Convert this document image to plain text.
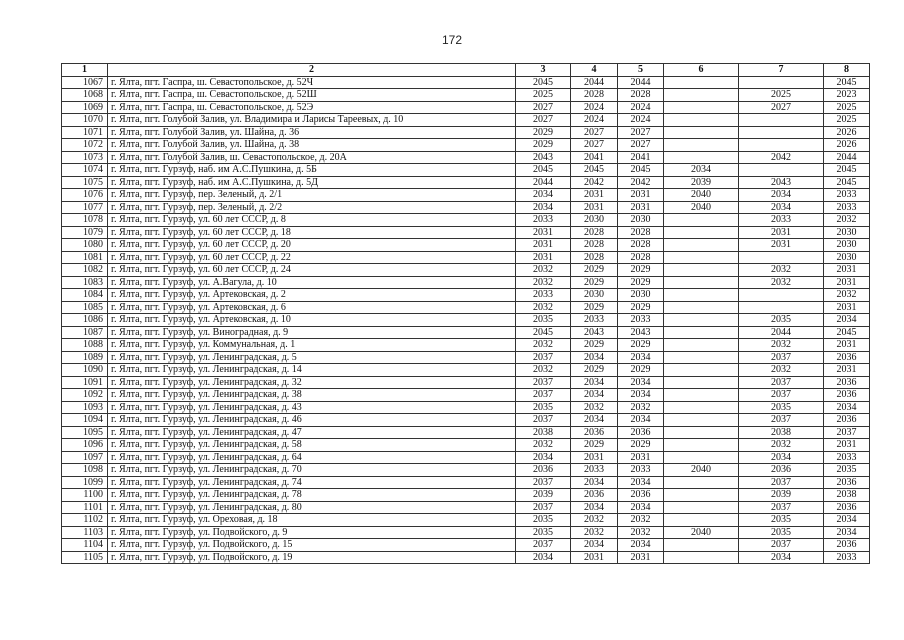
172
1	2	3	4	5	6	7	8
1067	г. Ялта, пгт. Гаспра, ш. Севастопольское, д. 52Ч	2045	2044	2044			2045
1068	г. Ялта, пгт. Гаспра, ш. Севастопольское, д. 52Ш	2025	2028	2028		2025	2023
1069	г. Ялта, пгт. Гаспра, ш. Севастопольское, д. 52Э	2027	2024	2024		2027	2025
1070	г. Ялта, пгт. Голубой Залив, ул. Владимира и Ларисы Тареевых, д. 10	2027	2024	2024			2025
1071	г. Ялта, пгт. Голубой Залив, ул. Шайна, д. 36	2029	2027	2027			2026
1072	г. Ялта, пгт. Голубой Залив, ул. Шайна, д. 38	2029	2027	2027			2026
1073	г. Ялта, пгт. Голубой Залив, ш. Севастопольское, д. 20А	2043	2041	2041		2042	2044
1074	г. Ялта, пгт. Гурзуф, наб. им А.С.Пушкина, д. 5Б	2045	2045	2045	2034		2045
1075	г. Ялта, пгт. Гурзуф, наб. им А.С.Пушкина, д. 5Д	2044	2042	2042	2039	2043	2045
1076	г. Ялта, пгт. Гурзуф, пер. Зеленый, д. 2/1	2034	2031	2031	2040	2034	2033
1077	г. Ялта, пгт. Гурзуф, пер. Зеленый, д. 2/2	2034	2031	2031	2040	2034	2033
1078	г. Ялта, пгт. Гурзуф, ул. 60 лет СССР, д. 8	2033	2030	2030		2033	2032
1079	г. Ялта, пгт. Гурзуф, ул. 60 лет СССР, д. 18	2031	2028	2028		2031	2030
1080	г. Ялта, пгт. Гурзуф, ул. 60 лет СССР, д. 20	2031	2028	2028		2031	2030
1081	г. Ялта, пгт. Гурзуф, ул. 60 лет СССР, д. 22	2031	2028	2028			2030
1082	г. Ялта, пгт. Гурзуф, ул. 60 лет СССР, д. 24	2032	2029	2029		2032	2031
1083	г. Ялта, пгт. Гурзуф, ул. А.Вагула, д. 10	2032	2029	2029		2032	2031
1084	г. Ялта, пгт. Гурзуф, ул. Артековская, д. 2	2033	2030	2030			2032
1085	г. Ялта, пгт. Гурзуф, ул. Артековская, д. 6	2032	2029	2029			2031
1086	г. Ялта, пгт. Гурзуф, ул. Артековская, д. 10	2035	2033	2033		2035	2034
1087	г. Ялта, пгт. Гурзуф, ул. Виноградная, д. 9	2045	2043	2043		2044	2045
1088	г. Ялта, пгт. Гурзуф, ул. Коммунальная, д. 1	2032	2029	2029		2032	2031
1089	г. Ялта, пгт. Гурзуф, ул. Ленинградская, д. 5	2037	2034	2034		2037	2036
1090	г. Ялта, пгт. Гурзуф, ул. Ленинградская, д. 14	2032	2029	2029		2032	2031
1091	г. Ялта, пгт. Гурзуф, ул. Ленинградская, д. 32	2037	2034	2034		2037	2036
1092	г. Ялта, пгт. Гурзуф, ул. Ленинградская, д. 38	2037	2034	2034		2037	2036
1093	г. Ялта, пгт. Гурзуф, ул. Ленинградская, д. 43	2035	2032	2032		2035	2034
1094	г. Ялта, пгт. Гурзуф, ул. Ленинградская, д. 46	2037	2034	2034		2037	2036
1095	г. Ялта, пгт. Гурзуф, ул. Ленинградская, д. 47	2038	2036	2036		2038	2037
1096	г. Ялта, пгт. Гурзуф, ул. Ленинградская, д. 58	2032	2029	2029		2032	2031
1097	г. Ялта, пгт. Гурзуф, ул. Ленинградская, д. 64	2034	2031	2031		2034	2033
1098	г. Ялта, пгт. Гурзуф, ул. Ленинградская, д. 70	2036	2033	2033	2040	2036	2035
1099	г. Ялта, пгт. Гурзуф, ул. Ленинградская, д. 74	2037	2034	2034		2037	2036
1100	г. Ялта, пгт. Гурзуф, ул. Ленинградская, д. 78	2039	2036	2036		2039	2038
1101	г. Ялта, пгт. Гурзуф, ул. Ленинградская, д. 80	2037	2034	2034		2037	2036
1102	г. Ялта, пгт. Гурзуф, ул. Ореховая, д. 18	2035	2032	2032		2035	2034
1103	г. Ялта, пгт. Гурзуф, ул. Подвойского, д. 9	2035	2032	2032	2040	2035	2034
1104	г. Ялта, пгт. Гурзуф, ул. Подвойского, д. 15	2037	2034	2034		2037	2036
1105	г. Ялта, пгт. Гурзуф, ул. Подвойского, д. 19	2034	2031	2031		2034	2033
